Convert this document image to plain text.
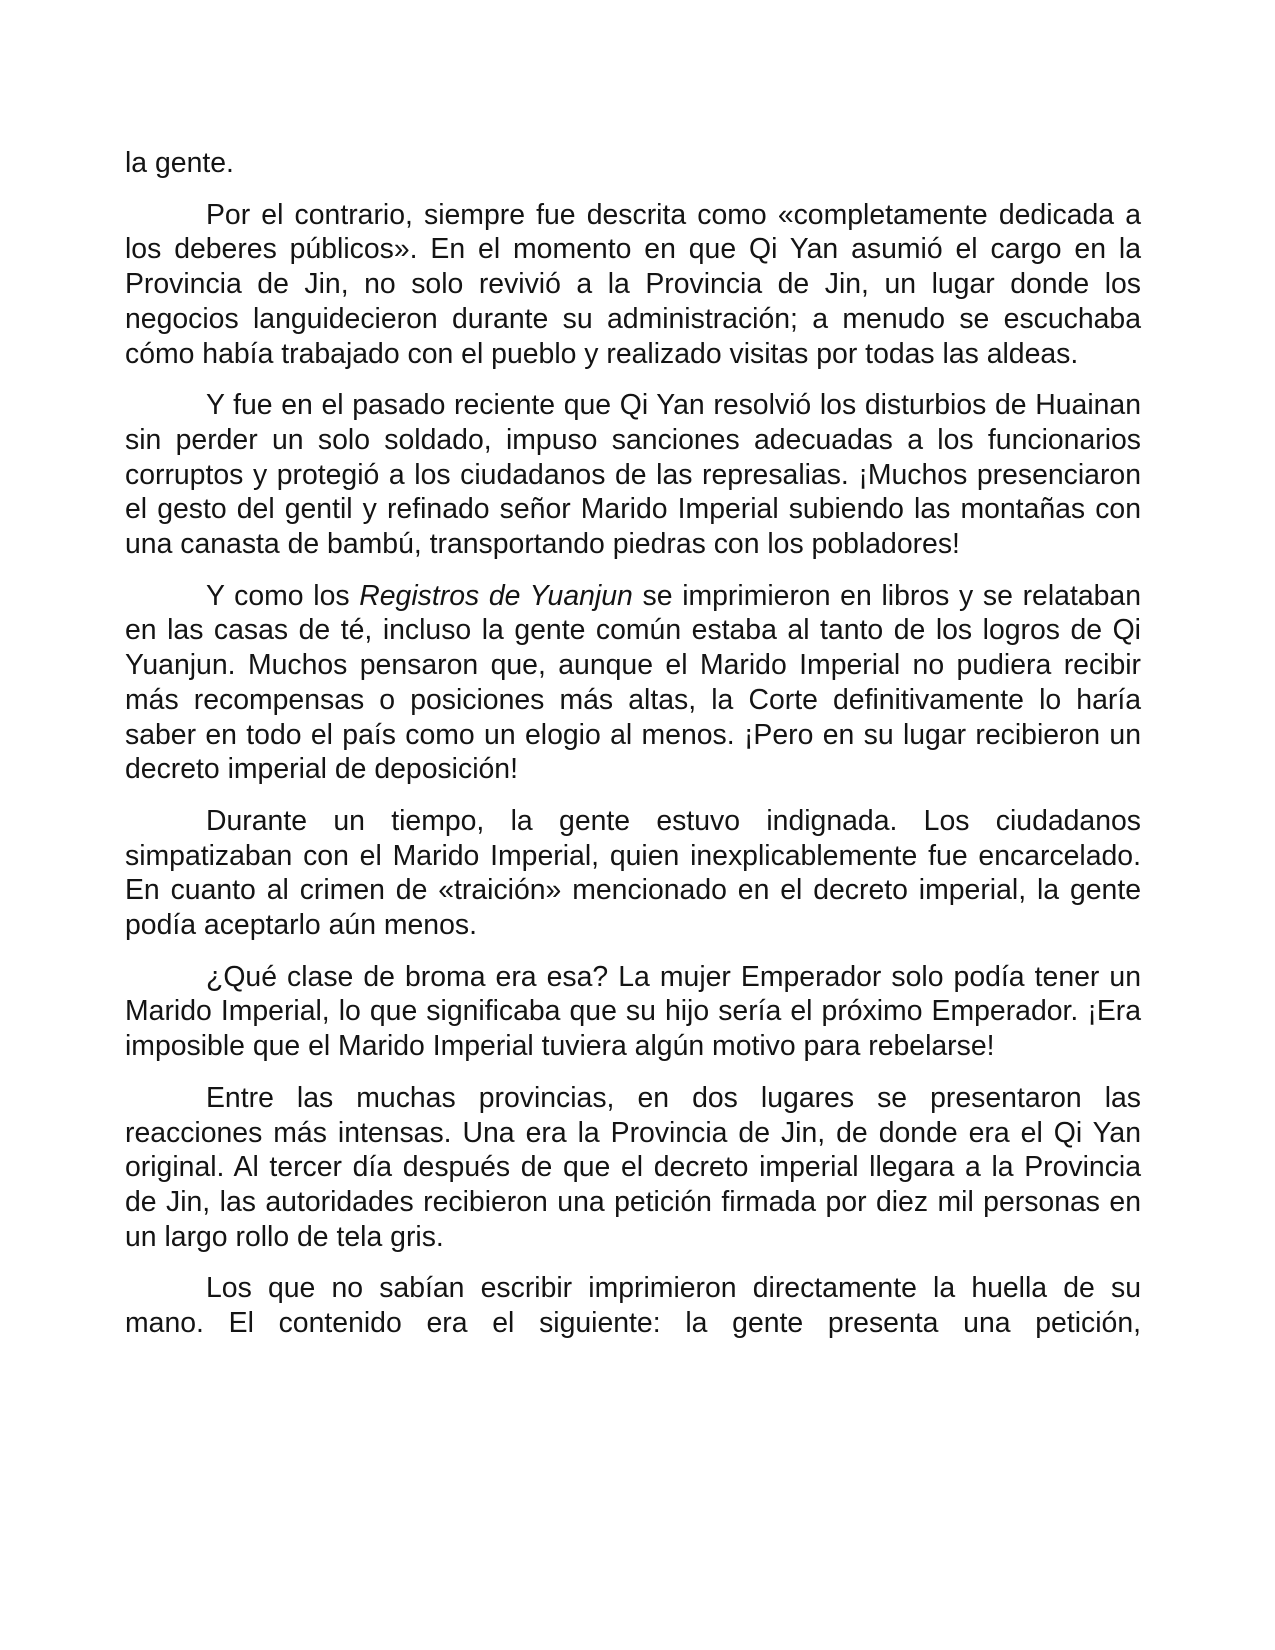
la gente.

Por el contrario, siempre fue descrita como «completamente dedicada a los deberes públicos». En el momento en que Qi Yan asumió el cargo en la Provincia de Jin, no solo revivió a la Provincia de Jin, un lugar donde los negocios languidecieron durante su administración; a menudo se escuchaba cómo había trabajado con el pueblo y realizado visitas por todas las aldeas.

Y fue en el pasado reciente que Qi Yan resolvió los disturbios de Huainan sin perder un solo soldado, impuso sanciones adecuadas a los funcionarios corruptos y protegió a los ciudadanos de las represalias. ¡Muchos presenciaron el gesto del gentil y refinado señor Marido Imperial subiendo las montañas con una canasta de bambú, transportando piedras con los pobladores!

Y como los Registros de Yuanjun se imprimieron en libros y se relataban en las casas de té, incluso la gente común estaba al tanto de los logros de Qi Yuanjun. Muchos pensaron que, aunque el Marido Imperial no pudiera recibir más recompensas o posiciones más altas, la Corte definitivamente lo haría saber en todo el país como un elogio al menos. ¡Pero en su lugar recibieron un decreto imperial de deposición!

Durante un tiempo, la gente estuvo indignada. Los ciudadanos simpatizaban con el Marido Imperial, quien inexplicablemente fue encarcelado. En cuanto al crimen de «traición» mencionado en el decreto imperial, la gente podía aceptarlo aún menos.

¿Qué clase de broma era esa? La mujer Emperador solo podía tener un Marido Imperial, lo que significaba que su hijo sería el próximo Emperador. ¡Era imposible que el Marido Imperial tuviera algún motivo para rebelarse!

Entre las muchas provincias, en dos lugares se presentaron las reacciones más intensas. Una era la Provincia de Jin, de donde era el Qi Yan original. Al tercer día después de que el decreto imperial llegara a la Provincia de Jin, las autoridades recibieron una petición firmada por diez mil personas en un largo rollo de tela gris.

Los que no sabían escribir imprimieron directamente la huella de su mano. El contenido era el siguiente: la gente presenta una petición,
